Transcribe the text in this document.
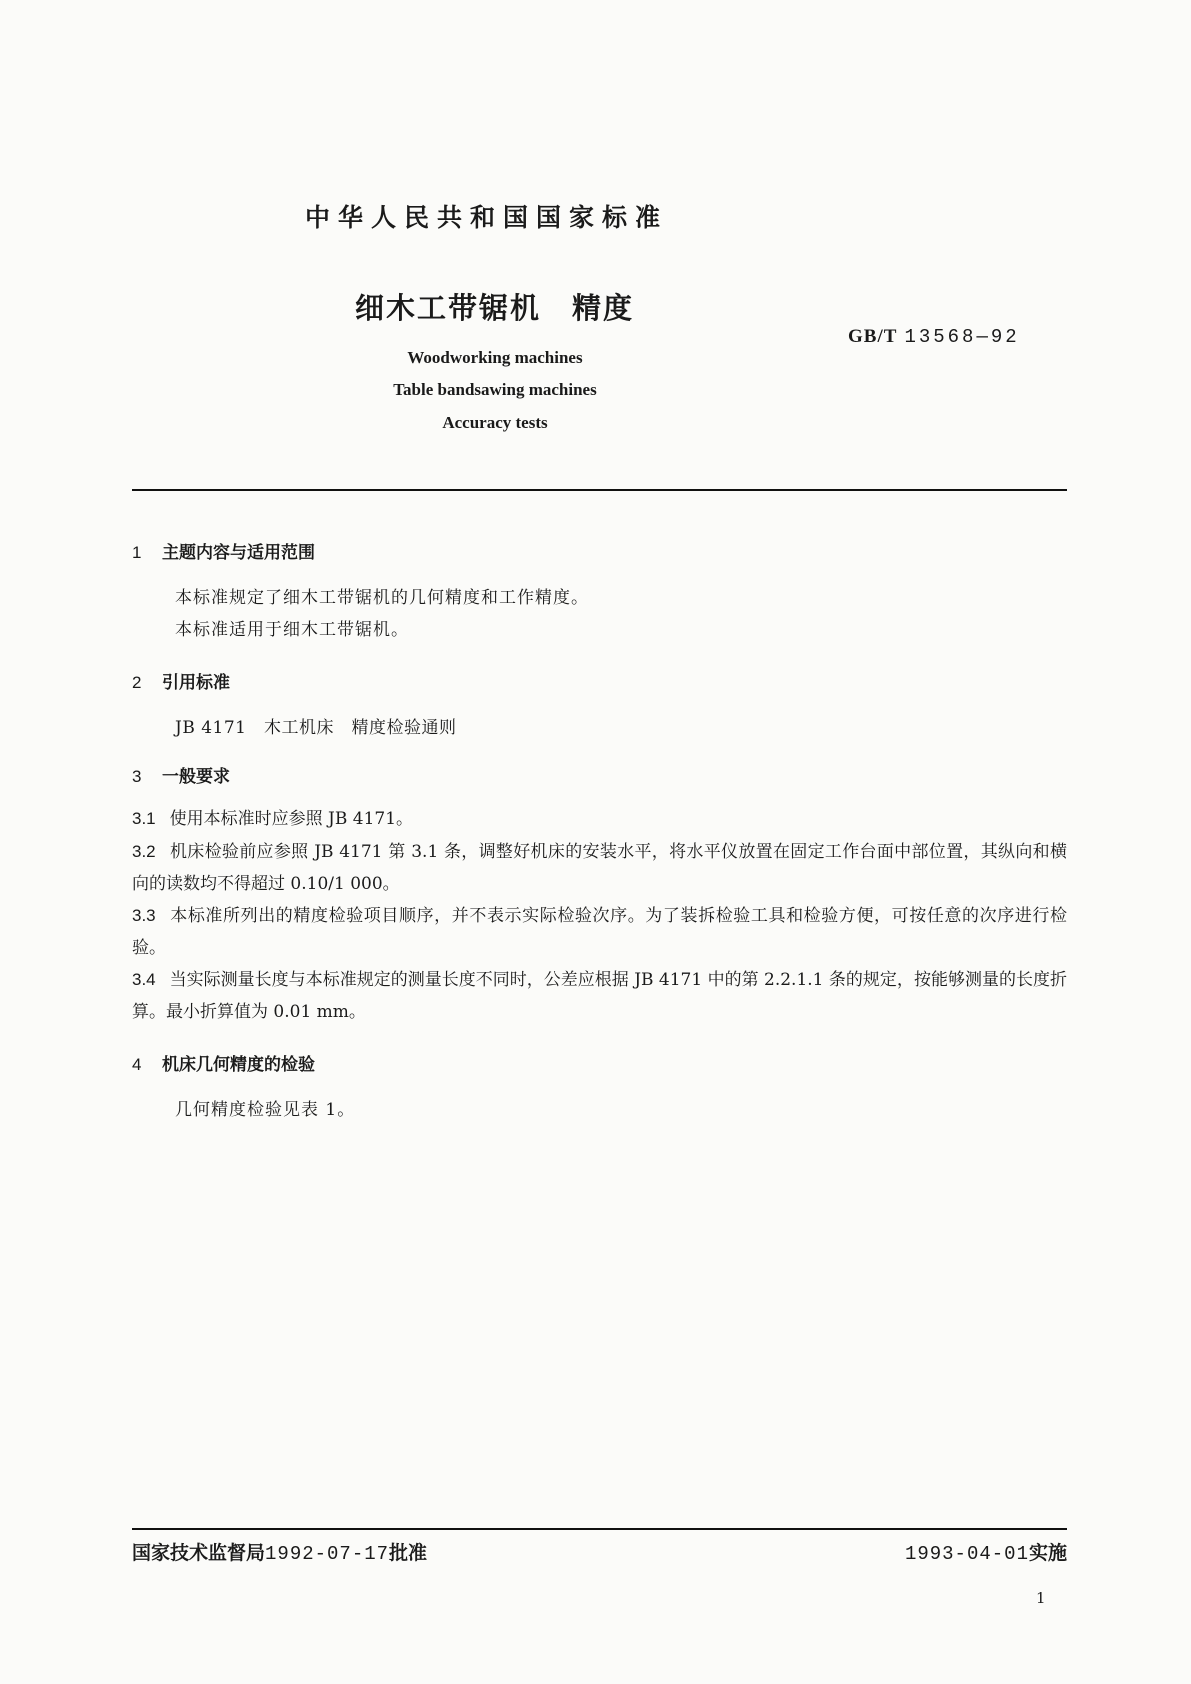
中华人民共和国国家标准
细木工带锯机　精度
GB/T 13568—92
Woodworking machines
Table bandsawing machines
Accuracy tests
1 主题内容与适用范围
本标准规定了细木工带锯机的几何精度和工作精度。
本标准适用于细木工带锯机。
2 引用标准
JB 4171　木工机床　精度检验通则
3 一般要求
3.1 使用本标准时应参照 JB 4171。
3.2 机床检验前应参照 JB 4171 第 3.1 条，调整好机床的安装水平，将水平仪放置在固定工作台面中部位置，其纵向和横向的读数均不得超过 0.10/1 000。
3.3 本标准所列出的精度检验项目顺序，并不表示实际检验次序。为了装拆检验工具和检验方便，可按任意的次序进行检验。
3.4 当实际测量长度与本标准规定的测量长度不同时，公差应根据 JB 4171 中的第 2.2.1.1 条的规定，按能够测量的长度折算。最小折算值为 0.01 mm。
4 机床几何精度的检验
几何精度检验见表 1。
国家技术监督局1992-07-17批准	1993-04-01实施
1
